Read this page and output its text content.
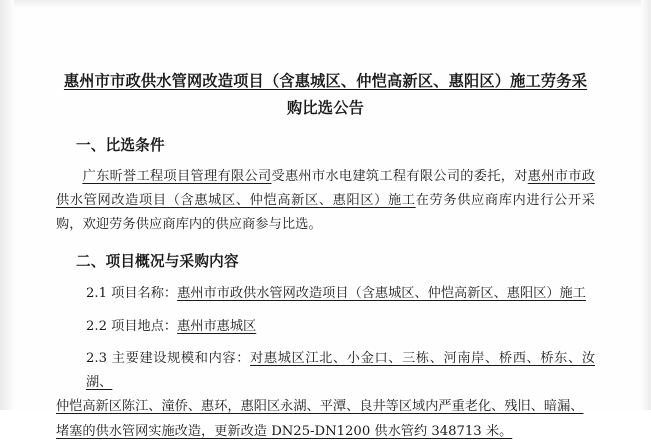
惠州市市政供水管网改造项目（含惠城区、仲恺高新区、惠阳区）施工劳务采
购比选公告
一、比选条件

广东昕誉工程项目管理有限公司受惠州市水电建筑工程有限公司的委托，对惠州市市政供水管网改造项目（含惠城区、仲恺高新区、惠阳区）施工在劳务供应商库内进行公开采购，欢迎劳务供应商库内的供应商参与比选。

二、项目概况与采购内容

2.1 项目名称：惠州市市政供水管网改造项目（含惠城区、仲恺高新区、惠阳区）施工

2.2 项目地点：惠州市惠城区

2.3 主要建设规模和内容：对惠城区江北、小金口、三栋、河南岸、桥西、桥东、汝湖、
仲恺高新区陈江、潼侨、惠环，惠阳区永湖、平潭、良井等区域内严重老化、残旧、暗漏、
堵塞的供水管网实施改造，更新改造 DN25-DN1200 供水管约 348713 米。
